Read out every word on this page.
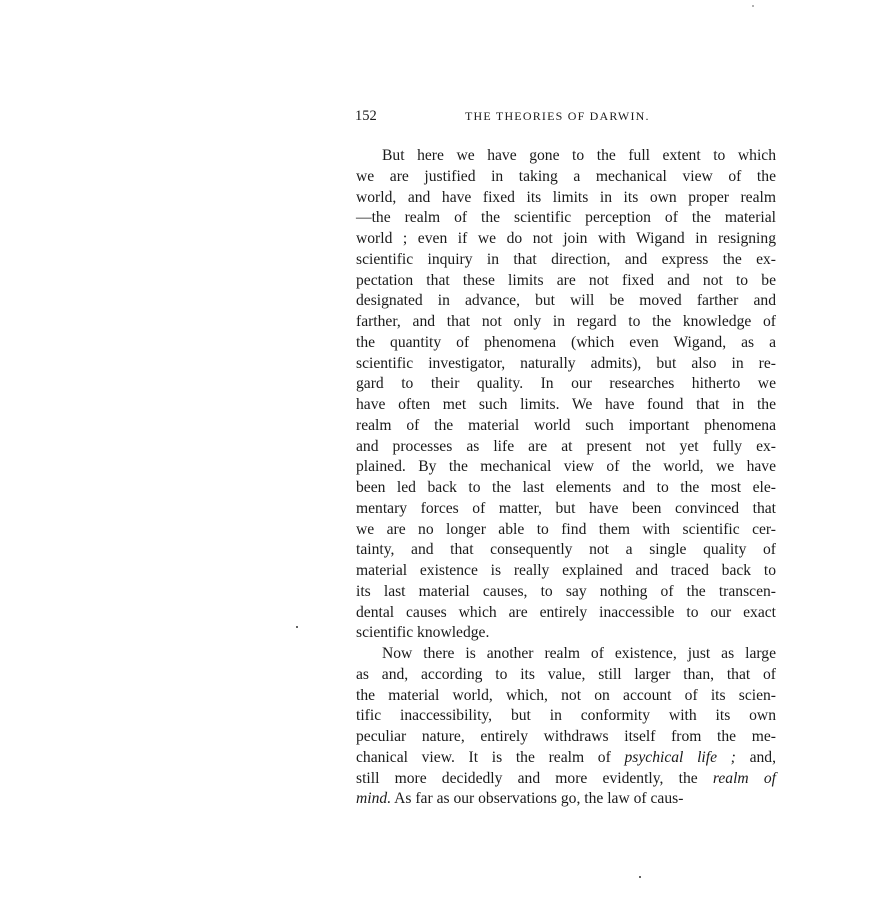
152	THE THEORIES OF DARWIN.
But here we have gone to the full extent to which
we are justified in taking a mechanical view of the
world, and have fixed its limits in its own proper realm
—the realm of the scientific perception of the material
world ; even if we do not join with Wigand in resigning
scientific inquiry in that direction, and express the ex-
pectation that these limits are not fixed and not to be
designated in advance, but will be moved farther and
farther, and that not only in regard to the knowledge of
the quantity of phenomena (which even Wigand, as a
scientific investigator, naturally admits), but also in re-
gard to their quality. In our researches hitherto we
have often met such limits. We have found that in the
realm of the material world such important phenomena
and processes as life are at present not yet fully ex-
plained. By the mechanical view of the world, we have
been led back to the last elements and to the most ele-
mentary forces of matter, but have been convinced that
we are no longer able to find them with scientific cer-
tainty, and that consequently not a single quality of
material existence is really explained and traced back to
its last material causes, to say nothing of the transcen-
dental causes which are entirely inaccessible to our exact
scientific knowledge.
Now there is another realm of existence, just as large
as and, according to its value, still larger than, that of
the material world, which, not on account of its scien-
tific inaccessibility, but in conformity with its own
peculiar nature, entirely withdraws itself from the me-
chanical view. It is the realm of psychical life ; and,
still more decidedly and more evidently, the realm of
mind. As far as our observations go, the law of caus-
